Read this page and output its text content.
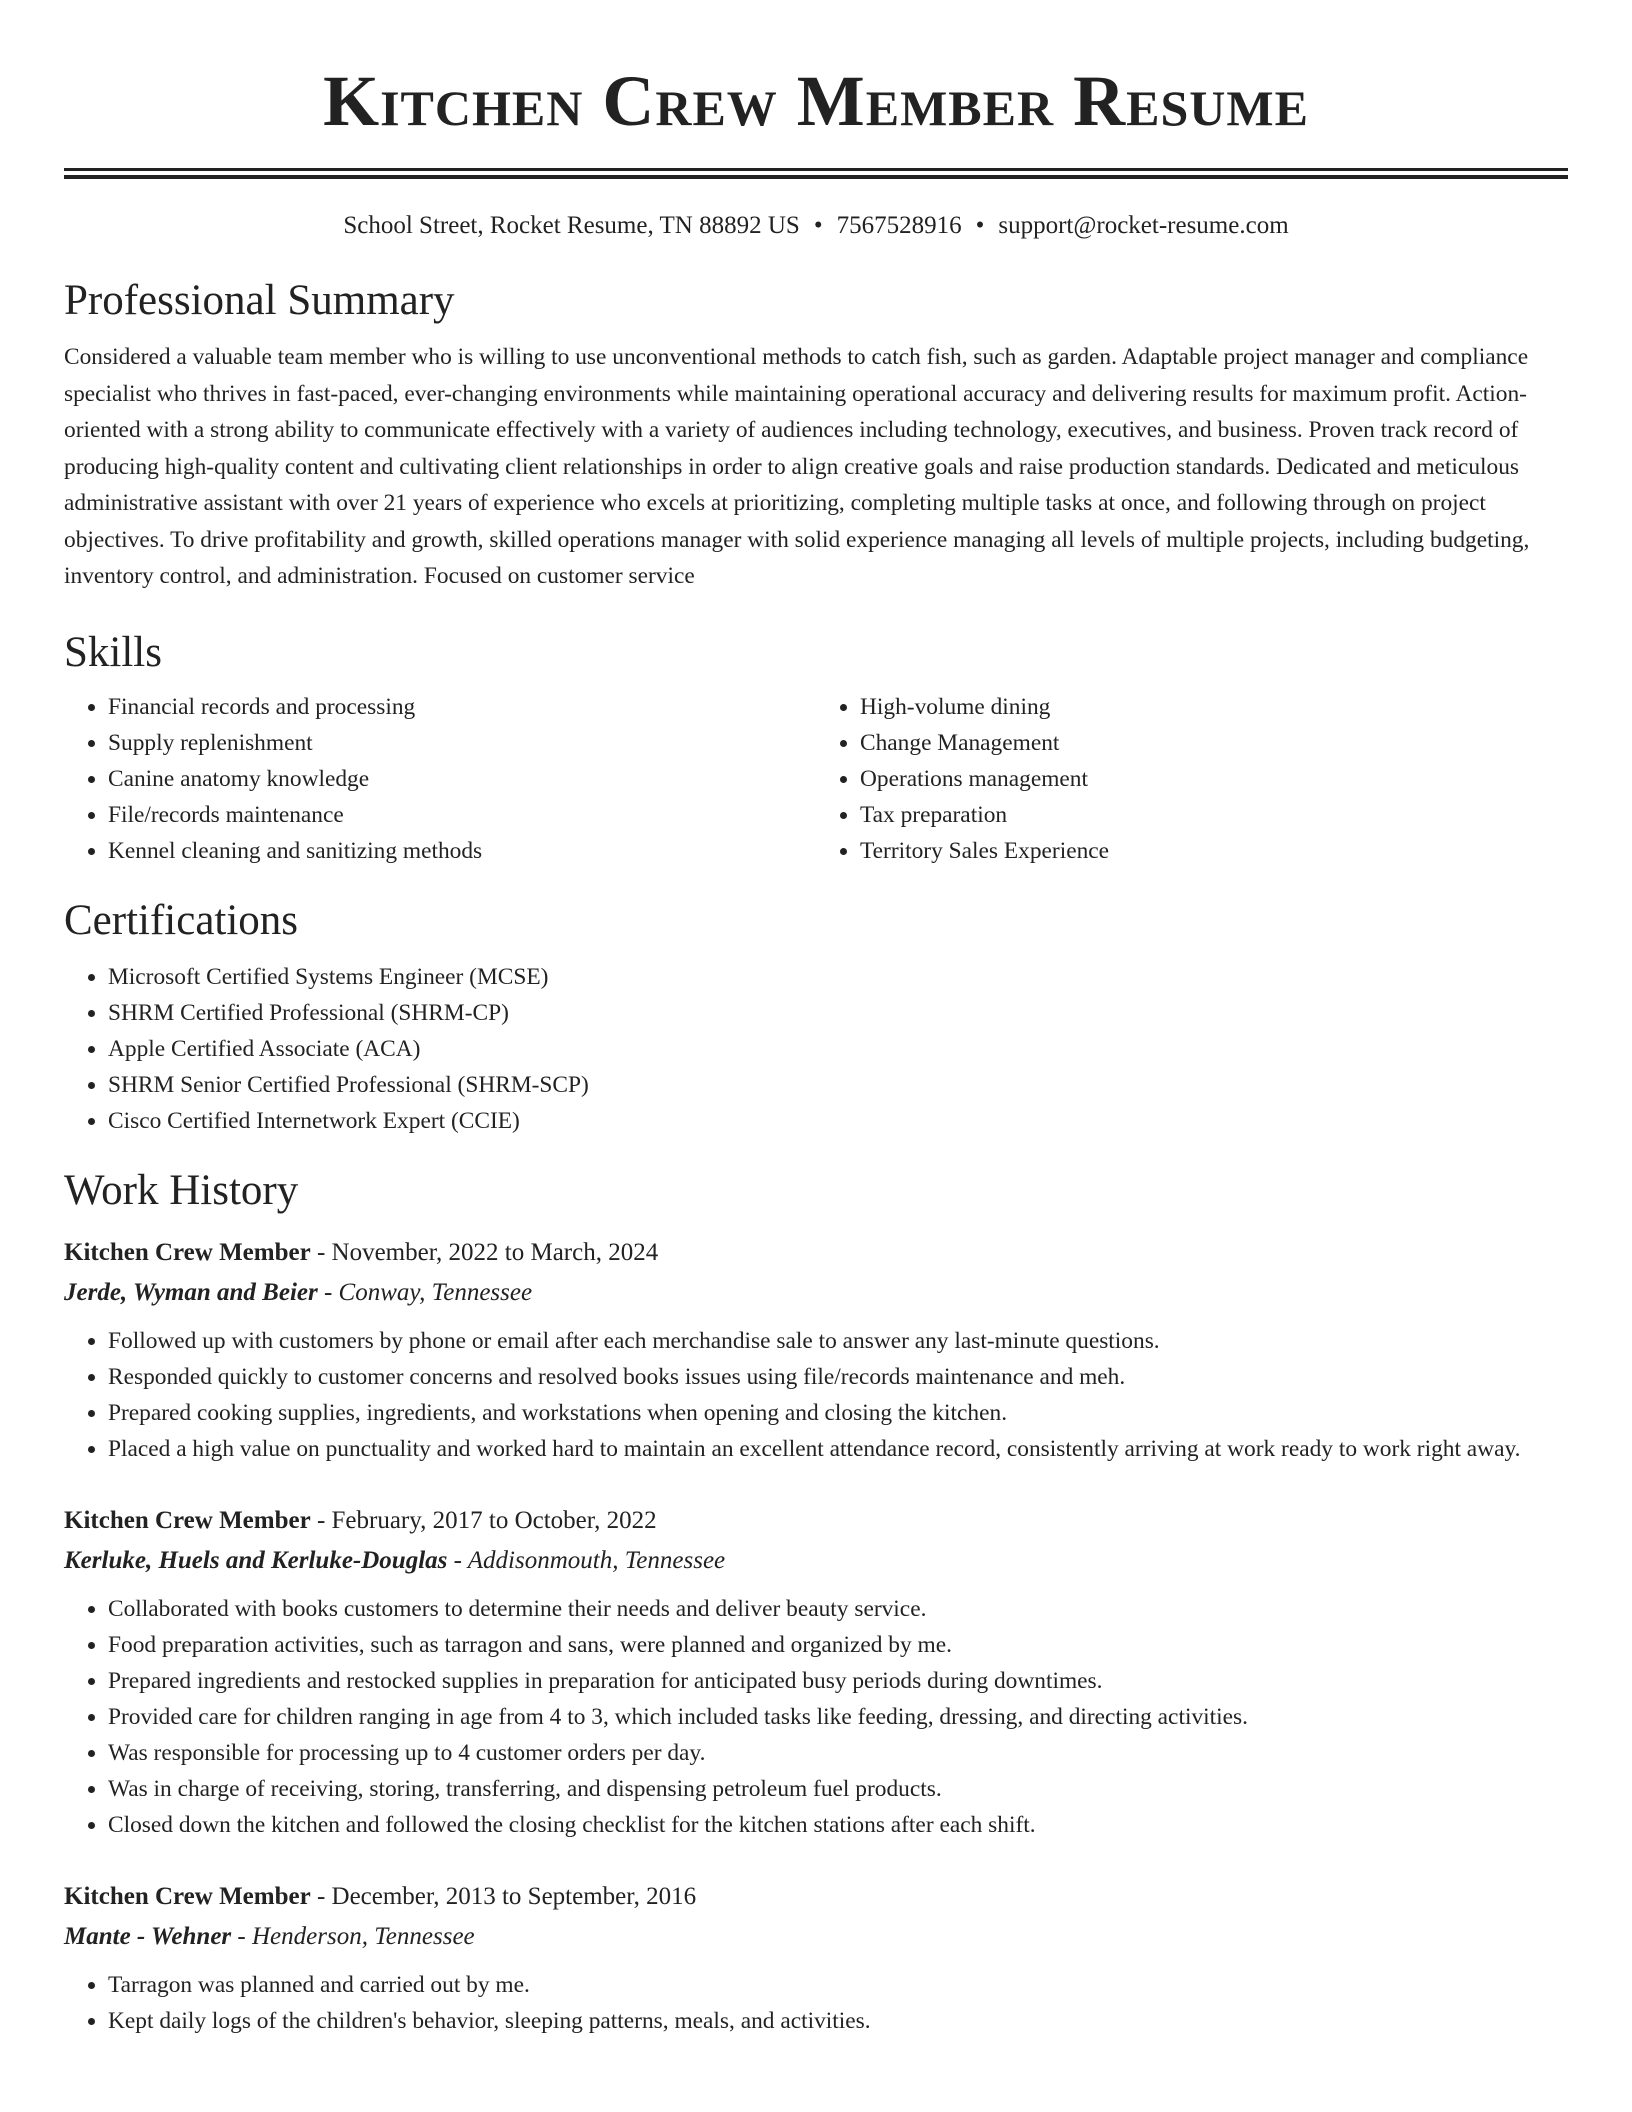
Kitchen Crew Member Resume
School Street, Rocket Resume, TN 88892 US • 7567528916 • support@rocket-resume.com
Professional Summary

Considered a valuable team member who is willing to use unconventional methods to catch fish, such as garden. Adaptable project manager and compliance specialist who thrives in fast-paced, ever-changing environments while maintaining operational accuracy and delivering results for maximum profit. Action-oriented with a strong ability to communicate effectively with a variety of audiences including technology, executives, and business. Proven track record of producing high-quality content and cultivating client relationships in order to align creative goals and raise production standards. Dedicated and meticulous administrative assistant with over 21 years of experience who excels at prioritizing, completing multiple tasks at once, and following through on project objectives. To drive profitability and growth, skilled operations manager with solid experience managing all levels of multiple projects, including budgeting, inventory control, and administration. Focused on customer service

Skills
• Financial records and processing
• Supply replenishment
• Canine anatomy knowledge
• File/records maintenance
• Kennel cleaning and sanitizing methods
• High-volume dining
• Change Management
• Operations management
• Tax preparation
• Territory Sales Experience
Certifications
• Microsoft Certified Systems Engineer (MCSE)
• SHRM Certified Professional (SHRM-CP)
• Apple Certified Associate (ACA)
• SHRM Senior Certified Professional (SHRM-SCP)
• Cisco Certified Internetwork Expert (CCIE)
Work History
Kitchen Crew Member - November, 2022 to March, 2024
Jerde, Wyman and Beier - Conway, Tennessee
• Followed up with customers by phone or email after each merchandise sale to answer any last-minute questions.
• Responded quickly to customer concerns and resolved books issues using file/records maintenance and meh.
• Prepared cooking supplies, ingredients, and workstations when opening and closing the kitchen.
• Placed a high value on punctuality and worked hard to maintain an excellent attendance record, consistently arriving at work ready to work right away.
Kitchen Crew Member - February, 2017 to October, 2022
Kerluke, Huels and Kerluke-Douglas - Addisonmouth, Tennessee
• Collaborated with books customers to determine their needs and deliver beauty service.
• Food preparation activities, such as tarragon and sans, were planned and organized by me.
• Prepared ingredients and restocked supplies in preparation for anticipated busy periods during downtimes.
• Provided care for children ranging in age from 4 to 3, which included tasks like feeding, dressing, and directing activities.
• Was responsible for processing up to 4 customer orders per day.
• Was in charge of receiving, storing, transferring, and dispensing petroleum fuel products.
• Closed down the kitchen and followed the closing checklist for the kitchen stations after each shift.
Kitchen Crew Member - December, 2013 to September, 2016
Mante - Wehner - Henderson, Tennessee
• Tarragon was planned and carried out by me.
• Kept daily logs of the children's behavior, sleeping patterns, meals, and activities.
